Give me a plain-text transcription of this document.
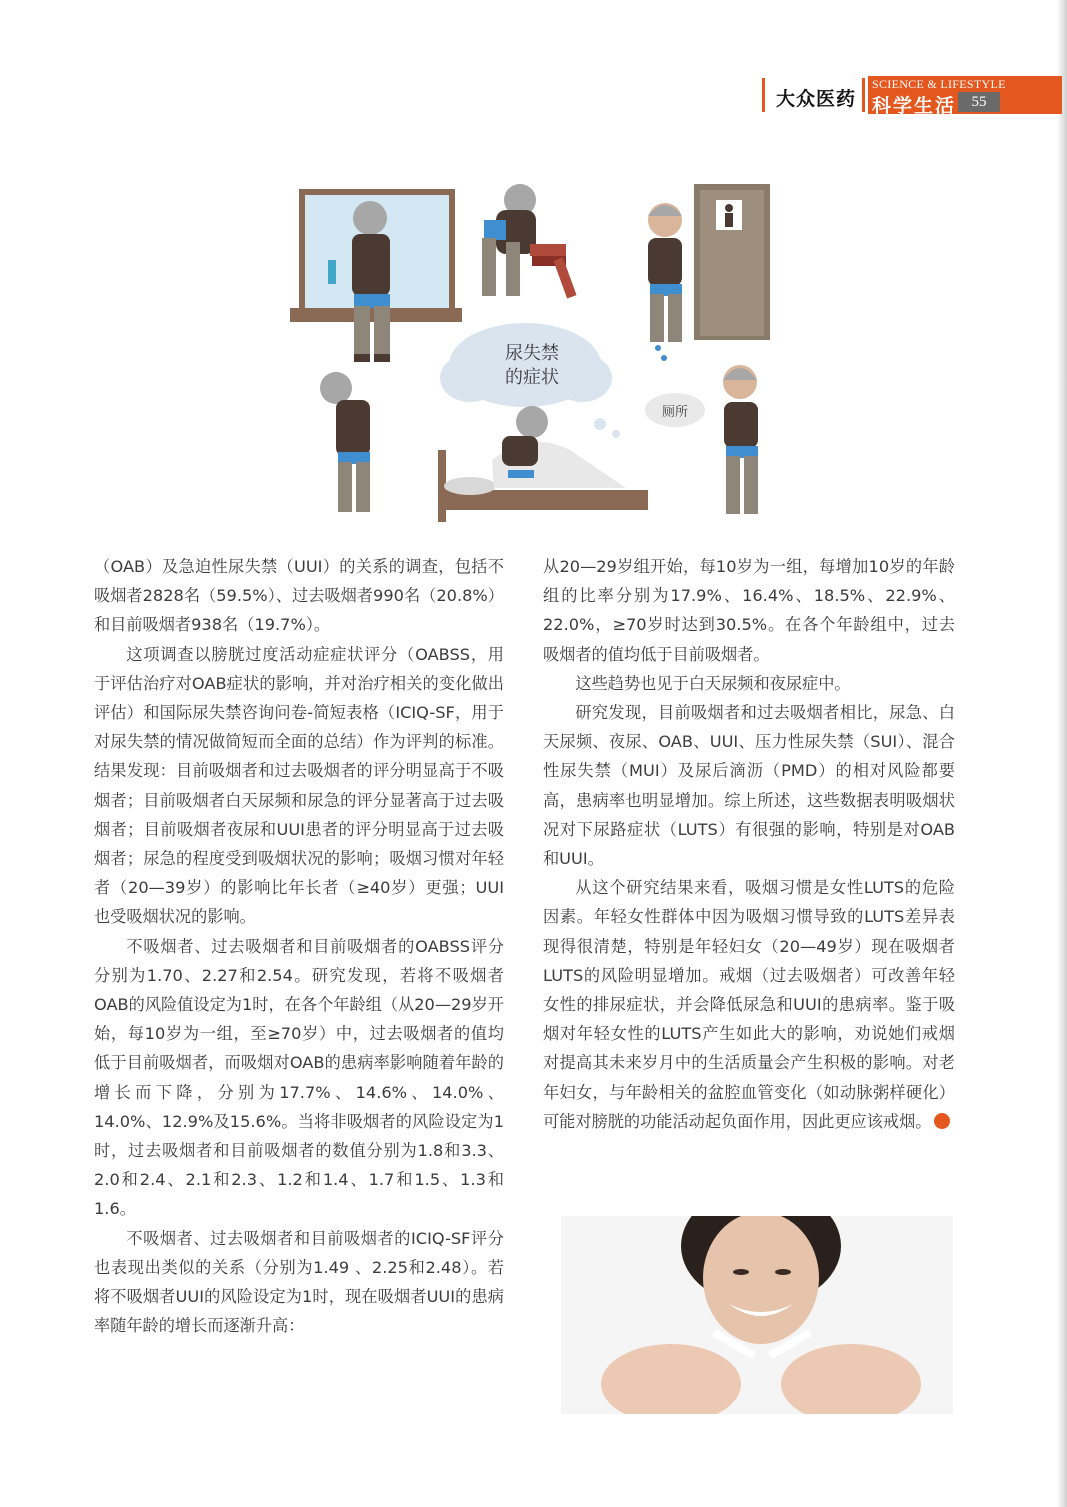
大众医药
SCIENCE & LIFESTYLE
科学生活	55
尿失禁
的症状
厕所

（OAB）及急迫性尿失禁（UUI）的关系的调查，包括不吸烟者2828名（59.5%）、过去吸烟者990名（20.8%）和目前吸烟者938名（19.7%）。

这项调查以膀胱过度活动症症状评分（OABSS，用于评估治疗对OAB症状的影响，并对治疗相关的变化做出评估）和国际尿失禁咨询问卷-简短表格（ICIQ-SF，用于对尿失禁的情况做简短而全面的总结）作为评判的标准。结果发现：目前吸烟者和过去吸烟者的评分明显高于不吸烟者；目前吸烟者白天尿频和尿急的评分显著高于过去吸烟者；目前吸烟者夜尿和UUI患者的评分明显高于过去吸烟者；尿急的程度受到吸烟状况的影响；吸烟习惯对年轻者（20—39岁）的影响比年长者（≥40岁）更强；UUI也受吸烟状况的影响。

不吸烟者、过去吸烟者和目前吸烟者的OABSS评分分别为1.70、2.27和2.54。研究发现，若将不吸烟者OAB的风险值设定为1时，在各个年龄组（从20—29岁开始，每10岁为一组，至≥70岁）中，过去吸烟者的值均低于目前吸烟者，而吸烟对OAB的患病率影响随着年龄的增长而下降，分别为17.7%、14.6%、14.0%、14.0%、12.9%及15.6%。当将非吸烟者的风险设定为1时，过去吸烟者和目前吸烟者的数值分别为1.8和3.3、2.0和2.4、2.1和2.3、1.2和1.4、1.7和1.5、1.3和1.6。

不吸烟者、过去吸烟者和目前吸烟者的ICIQ-SF评分也表现出类似的关系（分别为1.49 、2.25和2.48）。若将不吸烟者UUI的风险设定为1时，现在吸烟者UUI的患病率随年龄的增长而逐渐升高：

从20—29岁组开始，每10岁为一组，每增加10岁的年龄组的比率分别为17.9%、16.4%、18.5%、22.9%、22.0%，≥70岁时达到30.5%。在各个年龄组中，过去吸烟者的值均低于目前吸烟者。

这些趋势也见于白天尿频和夜尿症中。

研究发现，目前吸烟者和过去吸烟者相比，尿急、白天尿频、夜尿、OAB、UUI、压力性尿失禁（SUI）、混合性尿失禁（MUI）及尿后滴沥（PMD）的相对风险都要高，患病率也明显增加。综上所述，这些数据表明吸烟状况对下尿路症状（LUTS）有很强的影响，特别是对OAB和UUI。

从这个研究结果来看，吸烟习惯是女性LUTS的危险因素。年轻女性群体中因为吸烟习惯导致的LUTS差异表现得很清楚，特别是年轻妇女（20—49岁）现在吸烟者LUTS的风险明显增加。戒烟（过去吸烟者）可改善年轻女性的排尿症状，并会降低尿急和UUI的患病率。鉴于吸烟对年轻女性的LUTS产生如此大的影响，劝说她们戒烟对提高其未来岁月中的生活质量会产生积极的影响。对老年妇女，与年龄相关的盆腔血管变化（如动脉粥样硬化）可能对膀胱的功能活动起负面作用，因此更应该戒烟。
